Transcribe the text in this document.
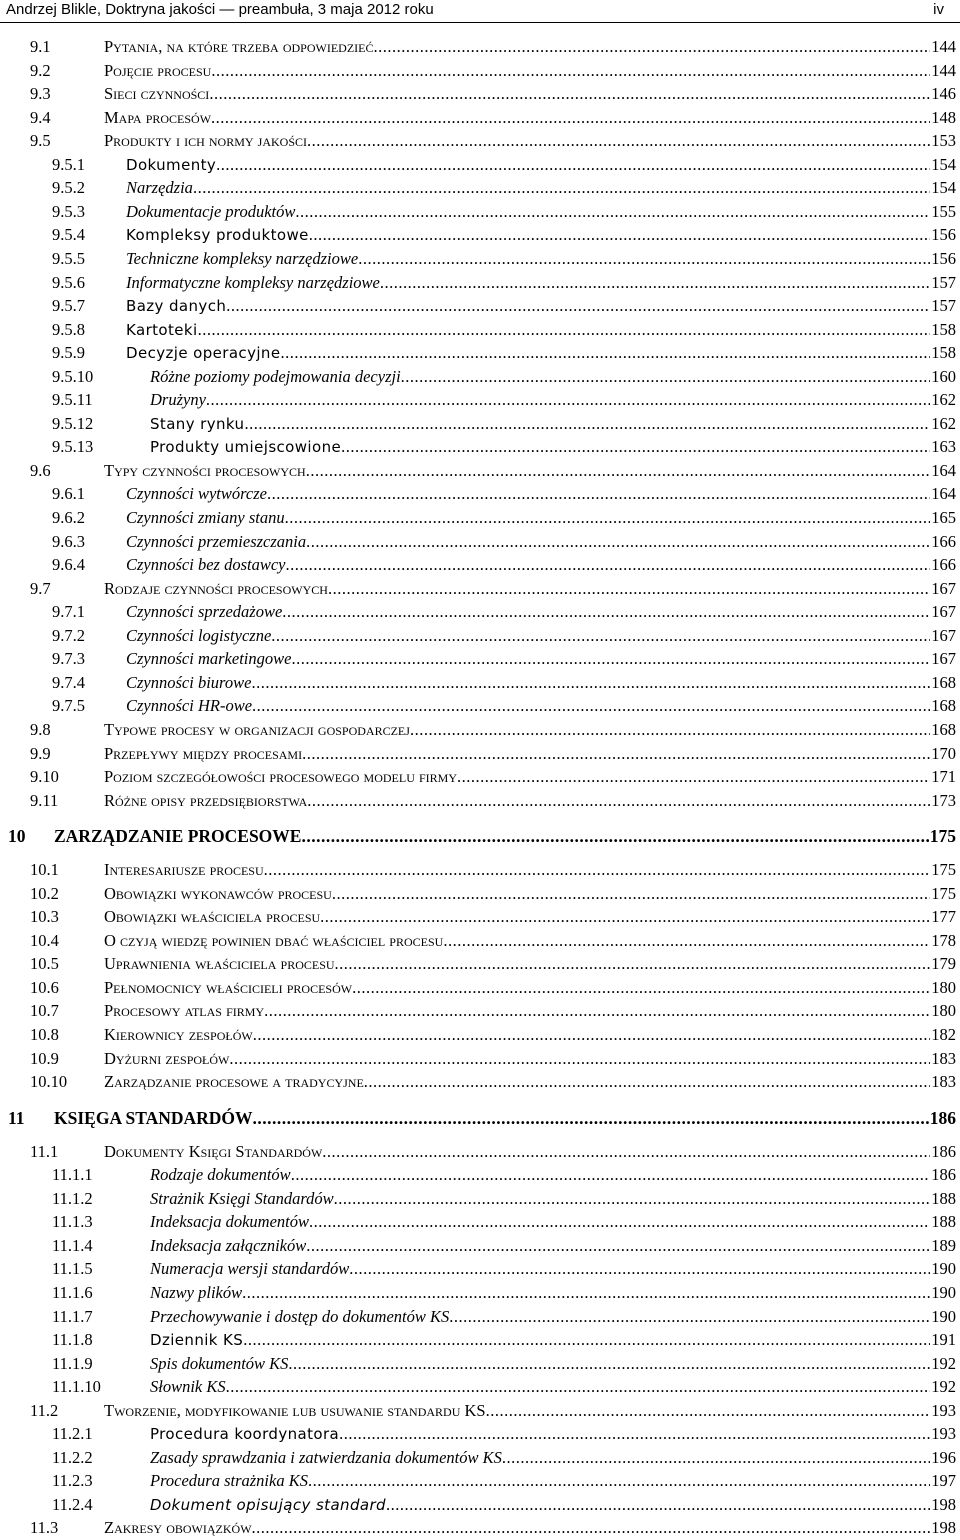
Andrzej Blikle, Doktryna jakości — preambuła, 3 maja 2012 roku	iv
9.1	Pytania, na które trzeba odpowiedzieć .....	144
9.2	Pojęcie procesu .....	144
9.3	Sieci czynności .....	146
9.4	Mapa procesów .....	148
9.5	Produkty i ich normy jakości .....	153
9.5.1	Dokumenty .....	154
9.5.2 Narzędzia .....	154
9.5.3 Dokumentacje produktów .....	155
9.5.4	Kompleksy produktowe .....	156
9.5.5 Techniczne kompleksy narzędziowe .....	156
9.5.6 Informatyczne kompleksy narzędziowe .....	157
9.5.7	Bazy danych .....	157
9.5.8	Kartoteki .....	158
9.5.9	Decyzje operacyjne .....	158
9.5.10	Różne poziomy podejmowania decyzji .....	160
9.5.11	Drużyny .....	162
9.5.12	Stany rynku .....	162
9.5.13	Produkty umiejscowione .....	163
9.6	Typy czynności procesowych .....	164
9.6.1 Czynności wytwórcze .....	164
9.6.2 Czynności zmiany stanu .....	165
9.6.3 Czynności przemieszczania .....	166
9.6.4 Czynności bez dostawcy .....	166
9.7	Rodzaje czynności procesowych .....	167
9.7.1 Czynności sprzedażowe .....	167
9.7.2 Czynności logistyczne .....	167
9.7.3 Czynności marketingowe .....	167
9.7.4 Czynności biurowe .....	168
9.7.5 Czynności HR-owe .....	168
9.8	Typowe procesy w organizacji gospodarczej .....	168
9.9	Przepływy między procesami .....	170
9.10	Poziom szczegółowości procesowego modelu firmy .....	171
9.11	Różne opisy przedsiębiorstwa .....	173
10 ZARZĄDZANIE PROCESOWE .....	175
10.1	Interesariusze procesu .....	175
10.2	Obowiązki wykonawców procesu .....	175
10.3	Obowiązki właściciela procesu .....	177
10.4	O czyją wiedzę powinien dbać właściciel procesu .....	178
10.5	Uprawnienia właściciela procesu .....	179
10.6	Pełnomocnicy właścicieli procesów .....	180
10.7	Procesowy atlas firmy .....	180
10.8	Kierownicy zespołów .....	182
10.9	Dyżurni zespołów .....	183
10.10 Zarządzanie procesowe a tradycyjne .....	183
11 KSIĘGA STANDARDÓW .....	186
11.1	Dokumenty Księgi Standardów .....	186
11.1.1	Rodzaje dokumentów .....	186
11.1.2	Strażnik Księgi Standardów .....	188
11.1.3	Indeksacja dokumentów .....	188
11.1.4	Indeksacja załączników .....	189
11.1.5	Numeracja wersji standardów .....	190
11.1.6	Nazwy plików .....	190
11.1.7	Przechowywanie i dostęp do dokumentów KS .....	190
11.1.8	Dziennik KS .....	191
11.1.9	Spis dokumentów KS .....	192
11.1.10	Słownik KS .....	192
11.2	Tworzenie, modyfikowanie lub usuwanie standardu KS .....	193
11.2.1	Procedura koordynatora .....	193
11.2.2	Zasady sprawdzania i zatwierdzania dokumentów KS .....	196
11.2.3	Procedura strażnika KS .....	197
11.2.4	Dokument opisujący standard .....	198
11.3	Zakresy obowiązków .....	198
